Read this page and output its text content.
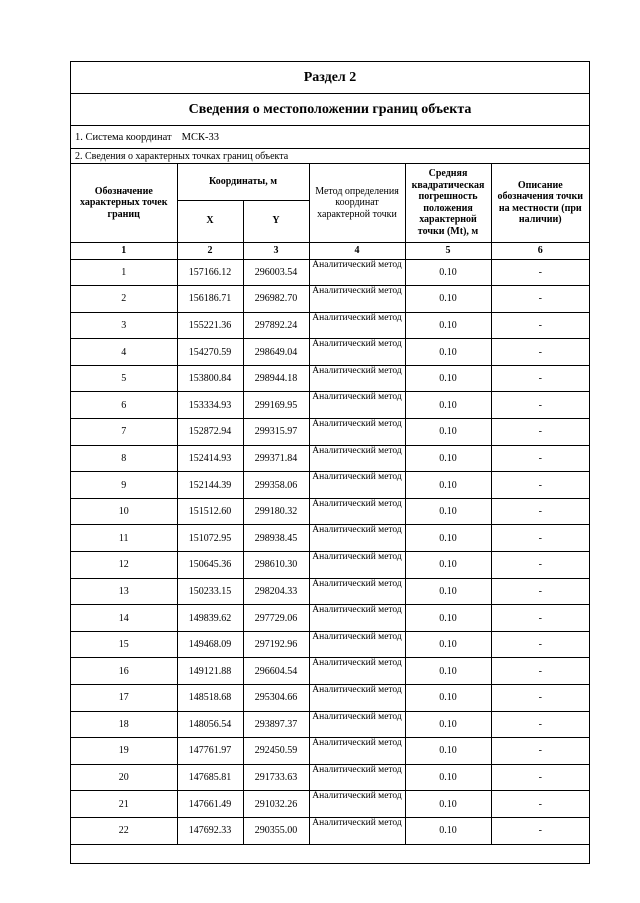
Раздел 2
Сведения о местоположении границ объекта
1. Система координат МСК-33
2. Сведения о характерных точках границ объекта
Обозначение характерных точек границ	Координаты, м		Метод определения координат характерной точки	Средняя квадратическая погрешность положения характерной точки (Mt), м	Описание обозначения точки на местности (при наличии)
	X	Y			
1	2	3	4	5	6
1	157166.12	296003.54	Аналитический метод	0.10	-
2	156186.71	296982.70	Аналитический метод	0.10	-
3	155221.36	297892.24	Аналитический метод	0.10	-
4	154270.59	298649.04	Аналитический метод	0.10	-
5	153800.84	298944.18	Аналитический метод	0.10	-
6	153334.93	299169.95	Аналитический метод	0.10	-
7	152872.94	299315.97	Аналитический метод	0.10	-
8	152414.93	299371.84	Аналитический метод	0.10	-
9	152144.39	299358.06	Аналитический метод	0.10	-
10	151512.60	299180.32	Аналитический метод	0.10	-
11	151072.95	298938.45	Аналитический метод	0.10	-
12	150645.36	298610.30	Аналитический метод	0.10	-
13	150233.15	298204.33	Аналитический метод	0.10	-
14	149839.62	297729.06	Аналитический метод	0.10	-
15	149468.09	297192.96	Аналитический метод	0.10	-
16	149121.88	296604.54	Аналитический метод	0.10	-
17	148518.68	295304.66	Аналитический метод	0.10	-
18	148056.54	293897.37	Аналитический метод	0.10	-
19	147761.97	292450.59	Аналитический метод	0.10	-
20	147685.81	291733.63	Аналитический метод	0.10	-
21	147661.49	291032.26	Аналитический метод	0.10	-
22	147692.33	290355.00	Аналитический метод	0.10	-
